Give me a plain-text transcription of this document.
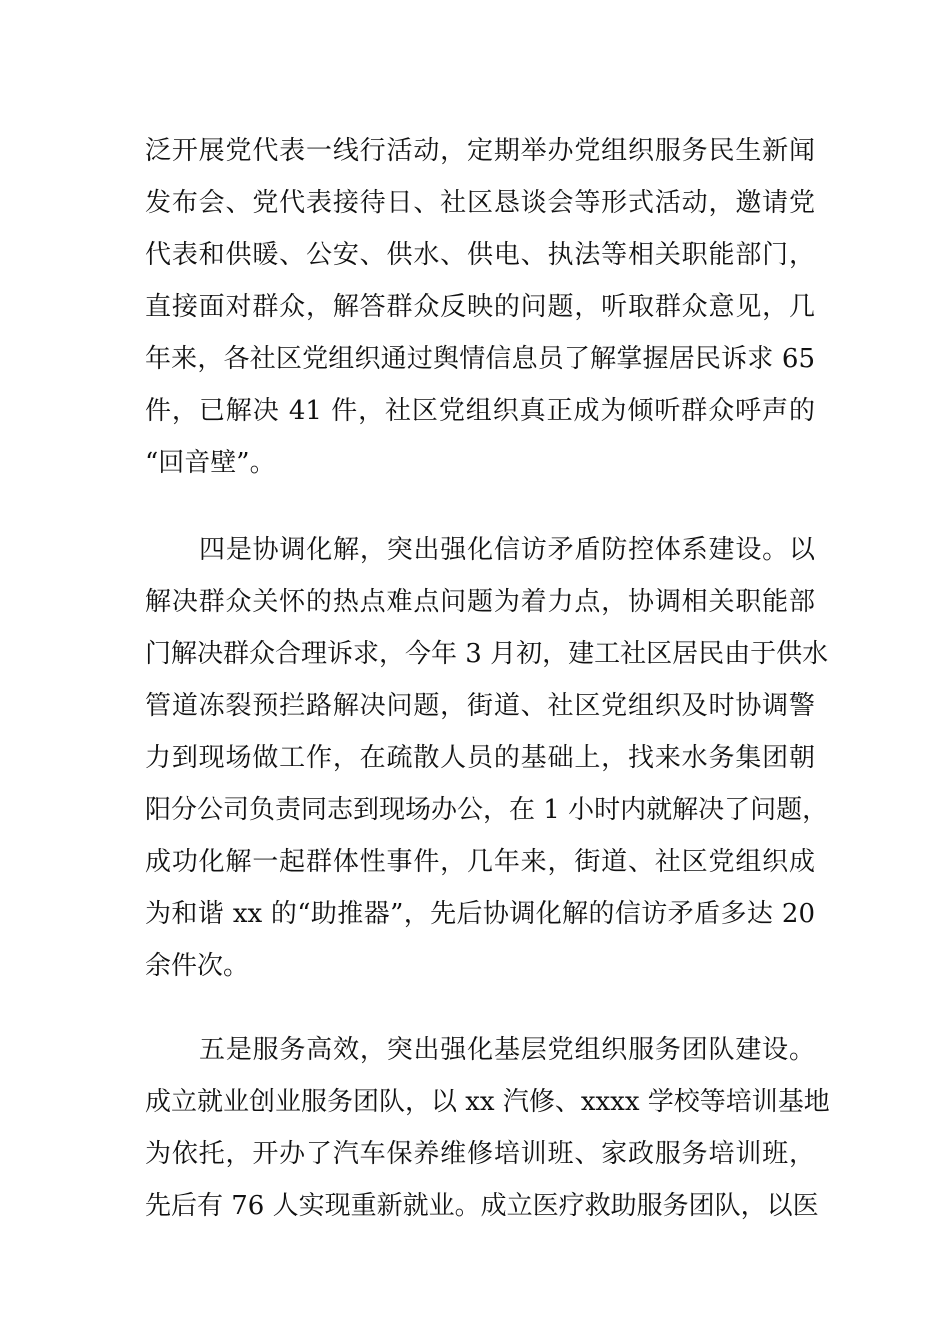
泛开展党代表一线行活动，定期举办党组织服务民生新闻
发布会、党代表接待日、社区恳谈会等形式活动，邀请党
代表和供暖、公安、供水、供电、执法等相关职能部门，
直接面对群众，解答群众反映的问题，听取群众意见，几
年来，各社区党组织通过舆情信息员了解掌握居民诉求 65
件，已解决 41 件，社区党组织真正成为倾听群众呼声的
“回音壁”。

四是协调化解，突出强化信访矛盾防控体系建设。以
解决群众关怀的热点难点问题为着力点，协调相关职能部
门解决群众合理诉求，今年 3 月初，建工社区居民由于供水
管道冻裂预拦路解决问题，街道、社区党组织及时协调警
力到现场做工作，在疏散人员的基础上，找来水务集团朝
阳分公司负责同志到现场办公，在 1 小时内就解决了问题，
成功化解一起群体性事件，几年来，街道、社区党组织成
为和谐 xx 的“助推器”，先后协调化解的信访矛盾多达 20
余件次。

五是服务高效，突出强化基层党组织服务团队建设。
成立就业创业服务团队，以 xx 汽修、xxxx 学校等培训基地
为依托，开办了汽车保养维修培训班、家政服务培训班，
先后有 76 人实现重新就业。成立医疗救助服务团队，以医
